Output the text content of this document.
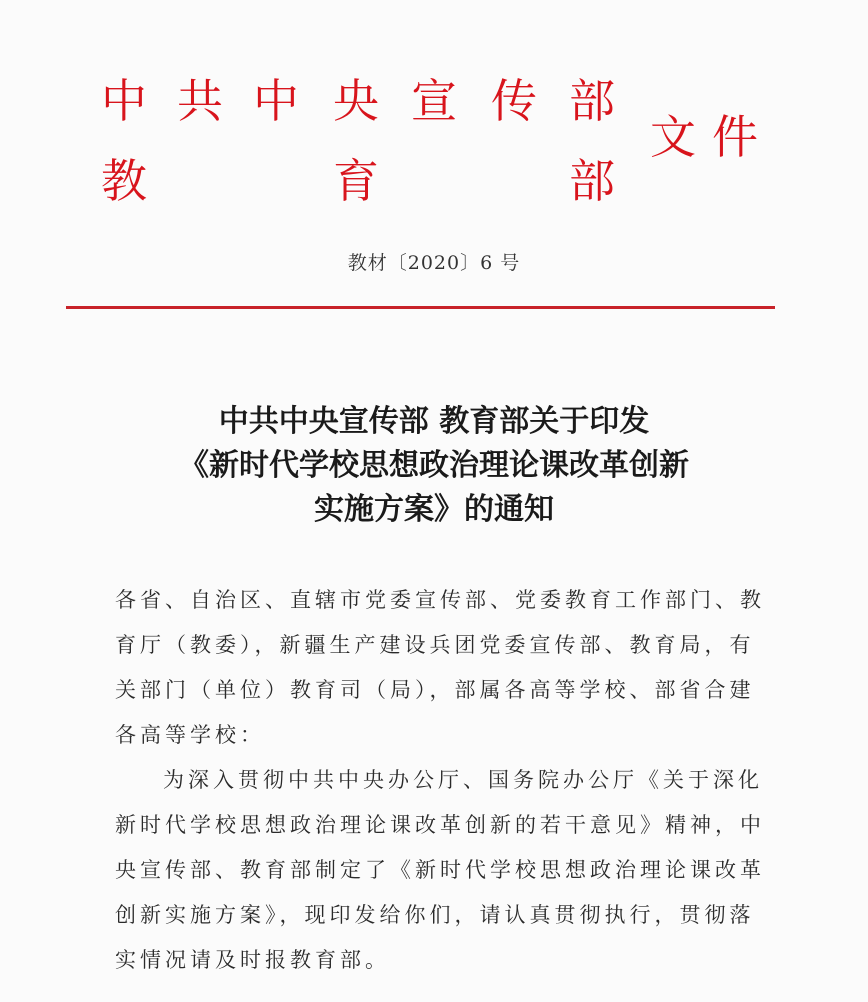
中 共 中 央 宣 传 部
教	育	部
文件
教材〔2020〕6 号
中共中央宣传部 教育部关于印发
《新时代学校思想政治理论课改革创新
实施方案》的通知
各省、自治区、直辖市党委宣传部、党委教育工作部门、教
育厅（教委），新疆生产建设兵团党委宣传部、教育局，有
关部门（单位）教育司（局），部属各高等学校、部省合建
各高等学校：
为深入贯彻中共中央办公厅、国务院办公厅《关于深化
新时代学校思想政治理论课改革创新的若干意见》精神，中
央宣传部、教育部制定了《新时代学校思想政治理论课改革
创新实施方案》，现印发给你们，请认真贯彻执行，贯彻落
实情况请及时报教育部。
